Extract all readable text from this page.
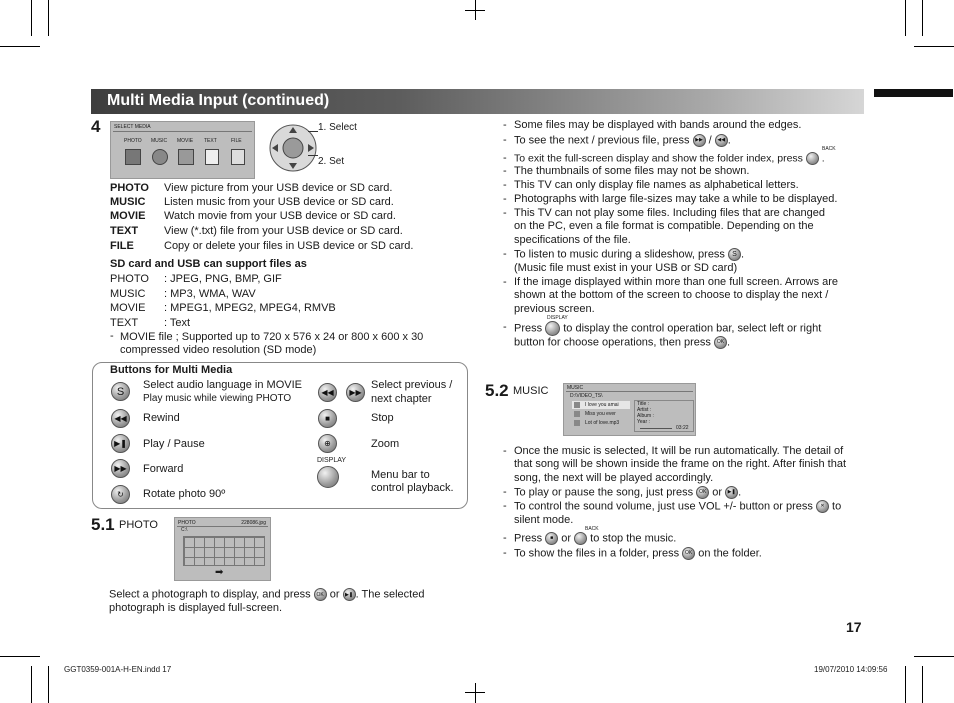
Multi Media Input (continued)
4	SELECT MEDIA
PHOTO MUSIC MOVIE TEXT	FILE
1. Select
2. Set
PHOTO View picture from your USB device or SD card.
MUSIC Listen music from your USB device or SD card.
MOVIE Watch movie from your USB device or SD card.
TEXT View (*.txt) file from your USB device or SD card.
FILE	Copy or delete your files in USB device or SD card.
SD card and USB can support files as
PHOTO : JPEG, PNG, BMP, GIF
MUSIC : MP3, WMA, WAV
MOVIE : MPEG1, MPEG2, MPEG4, RMVB
TEXT : Text
- MOVIE file ; Supported up to 720 x 576 x 24 or 800 x 600 x 30
compressed video resolution (SD mode)
Buttons for Multi Media
S
Select audio language in MOVIE
Play music while viewing PHOTO
◀◀	Rewind
▶❚ Play / Pause
▶▶	Forward
↻	Rotate photo 90º
◀◀	▶▶
Select previous /
next chapter
■	Stop
⊕	Zoom
DISPLAY
Menu bar to
control playback.
5.1 PHOTO	PHOTO	228086.jpg
C:\
➡
Select a photograph to display, and press OK or ▶❚ . The selected
photograph is displayed full-screen.
- Some files may be displayed with bands around the edges.
- To see the next / previous file, press ▶▶ / ◀◀ .
BACK
- To exit the full-screen display and show the folder index, press  .
- The thumbnails of some files may not be shown.
- This TV can only display file names as alphabetical letters.
- Photographs with large file-sizes may take a while to be displayed.
- This TV can not play some files. Including files that are changed
on the PC, even a file format is compatible. Depending on the
specifications of the file.
- To listen to music during a slideshow, press S .
(Music file must exist in your USB or SD card)
- If the image displayed within more than one full screen. Arrows are
shown at the bottom of the screen to choose to display the next /
previous screen.
DISPLAY
- Press to display the control operation bar, select left or right
button for choose operations, then press OK .
5.2 MUSIC	MUSIC
D:\VIDEO_TS\
I love you amai
Miss you ever
Lot of love.mp3
Title :
Artist :
Album :
Year :
03:22
- Once the music is selected, It will be run automatically. The detail of
that song will be shown inside the frame on the right. After finish that
song, the next will be played accordingly.
- To play or pause the song, just press OK or ▶❚ .
- To control the sound volume, just use VOL +/- button or press ✕ to
silent mode.
BACK
- Press ■ or to stop the music.
- To show the files in a folder, press OK on the folder.
17
GGT0359-001A-H-EN.indd 17	19/07/2010 14:09:56
